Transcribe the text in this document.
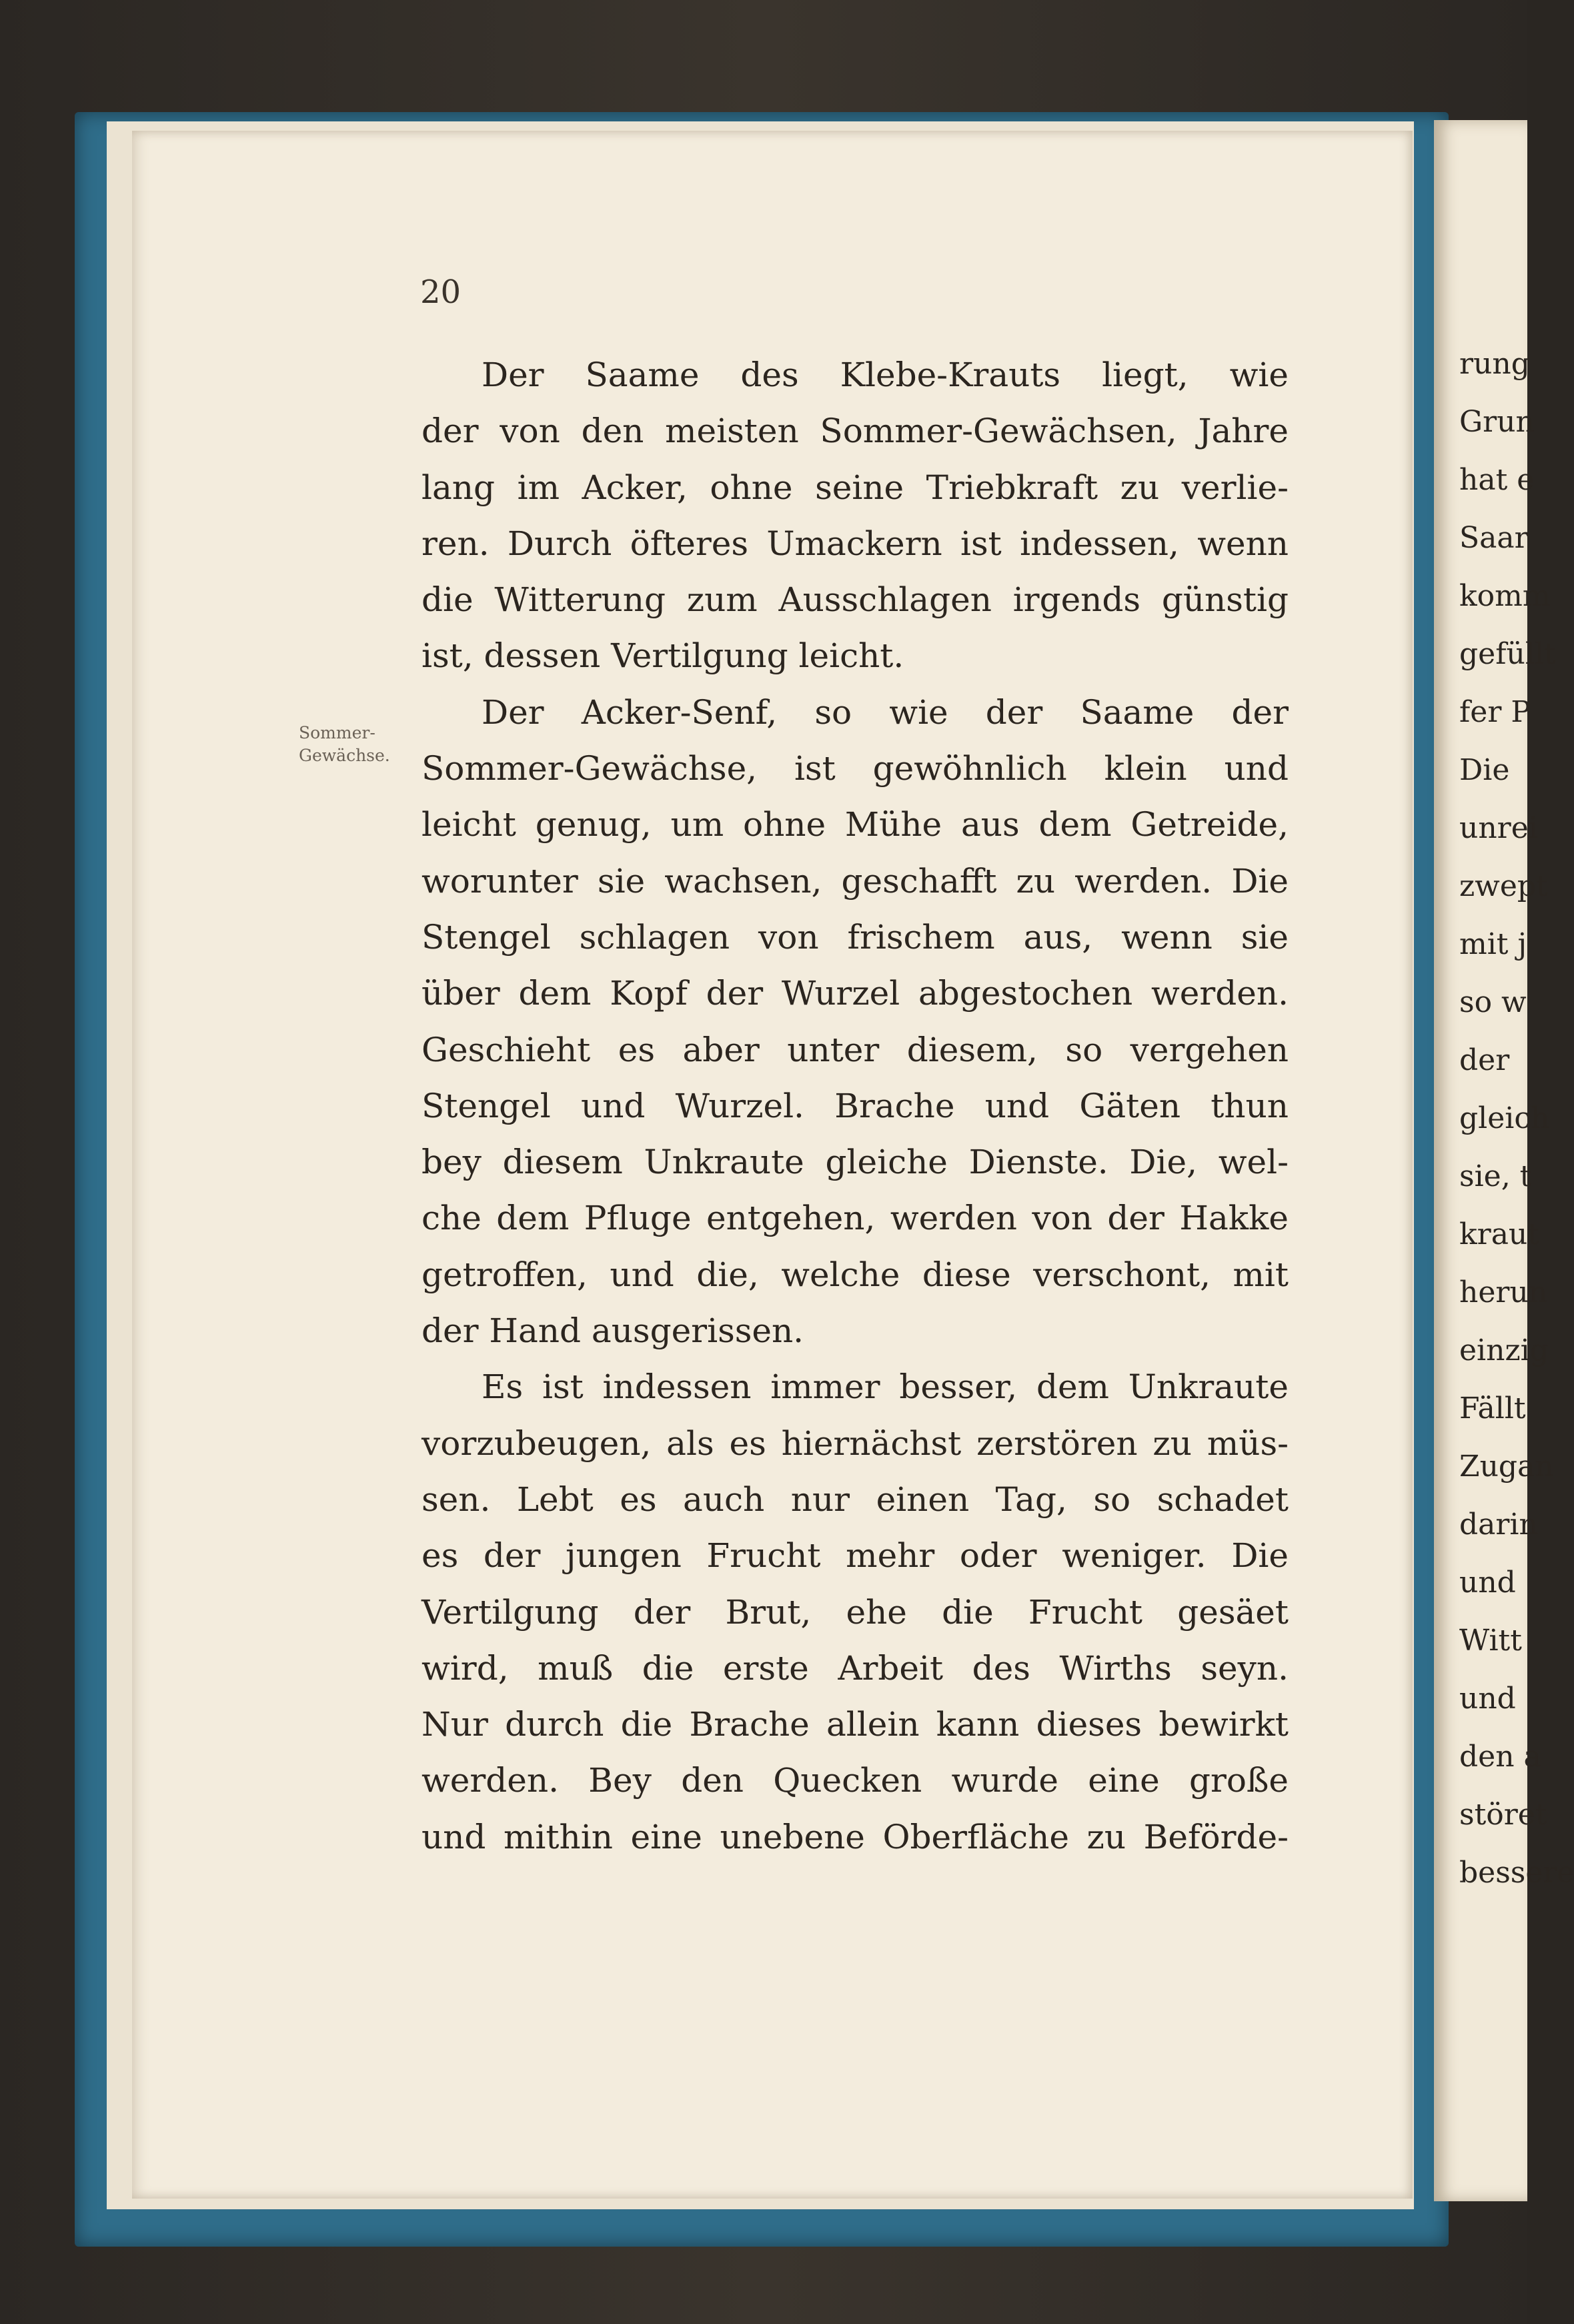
20
Sommer-
Gewächse.
Der Saame des Klebe-Krauts liegt, wie
der von den meisten Sommer-Gewächsen, Jahre
lang im Acker, ohne seine Triebkraft zu verlie-
ren. Durch öfteres Umackern ist indessen, wenn
die Witterung zum Ausschlagen irgends günstig
ist, dessen Vertilgung leicht.
Der Acker-Senf, so wie der Saame der
Sommer-Gewächse, ist gewöhnlich klein und
leicht genug, um ohne Mühe aus dem Getreide,
worunter sie wachsen, geschafft zu werden. Die
Stengel schlagen von frischem aus, wenn sie
über dem Kopf der Wurzel abgestochen werden.
Geschieht es aber unter diesem, so vergehen
Stengel und Wurzel. Brache und Gäten thun
bey diesem Unkraute gleiche Dienste. Die, wel-
che dem Pfluge entgehen, werden von der Hakke
getroffen, und die, welche diese verschont, mit
der Hand ausgerissen.
Es ist indessen immer besser, dem Unkraute
vorzubeugen, als es hiernächst zerstören zu müs-
sen. Lebt es auch nur einen Tag, so schadet
es der jungen Frucht mehr oder weniger. Die
Vertilgung der Brut, ehe die Frucht gesäet
wird, muß die erste Arbeit des Wirths seyn.
Nur durch die Brache allein kann dieses bewirkt
werden. Bey den Quecken wurde eine große
und mithin eine unebene Oberfläche zu Beförde-
rung
Grun
hat e
Saar
komm
gefüllt
fer P
Die
unrei
zwept
mit j
so w
der
gleich
sie, t
kraut
herun
einzig
Fällt
Zugan
darin
und
Witt
und
den a
störet
bessere
